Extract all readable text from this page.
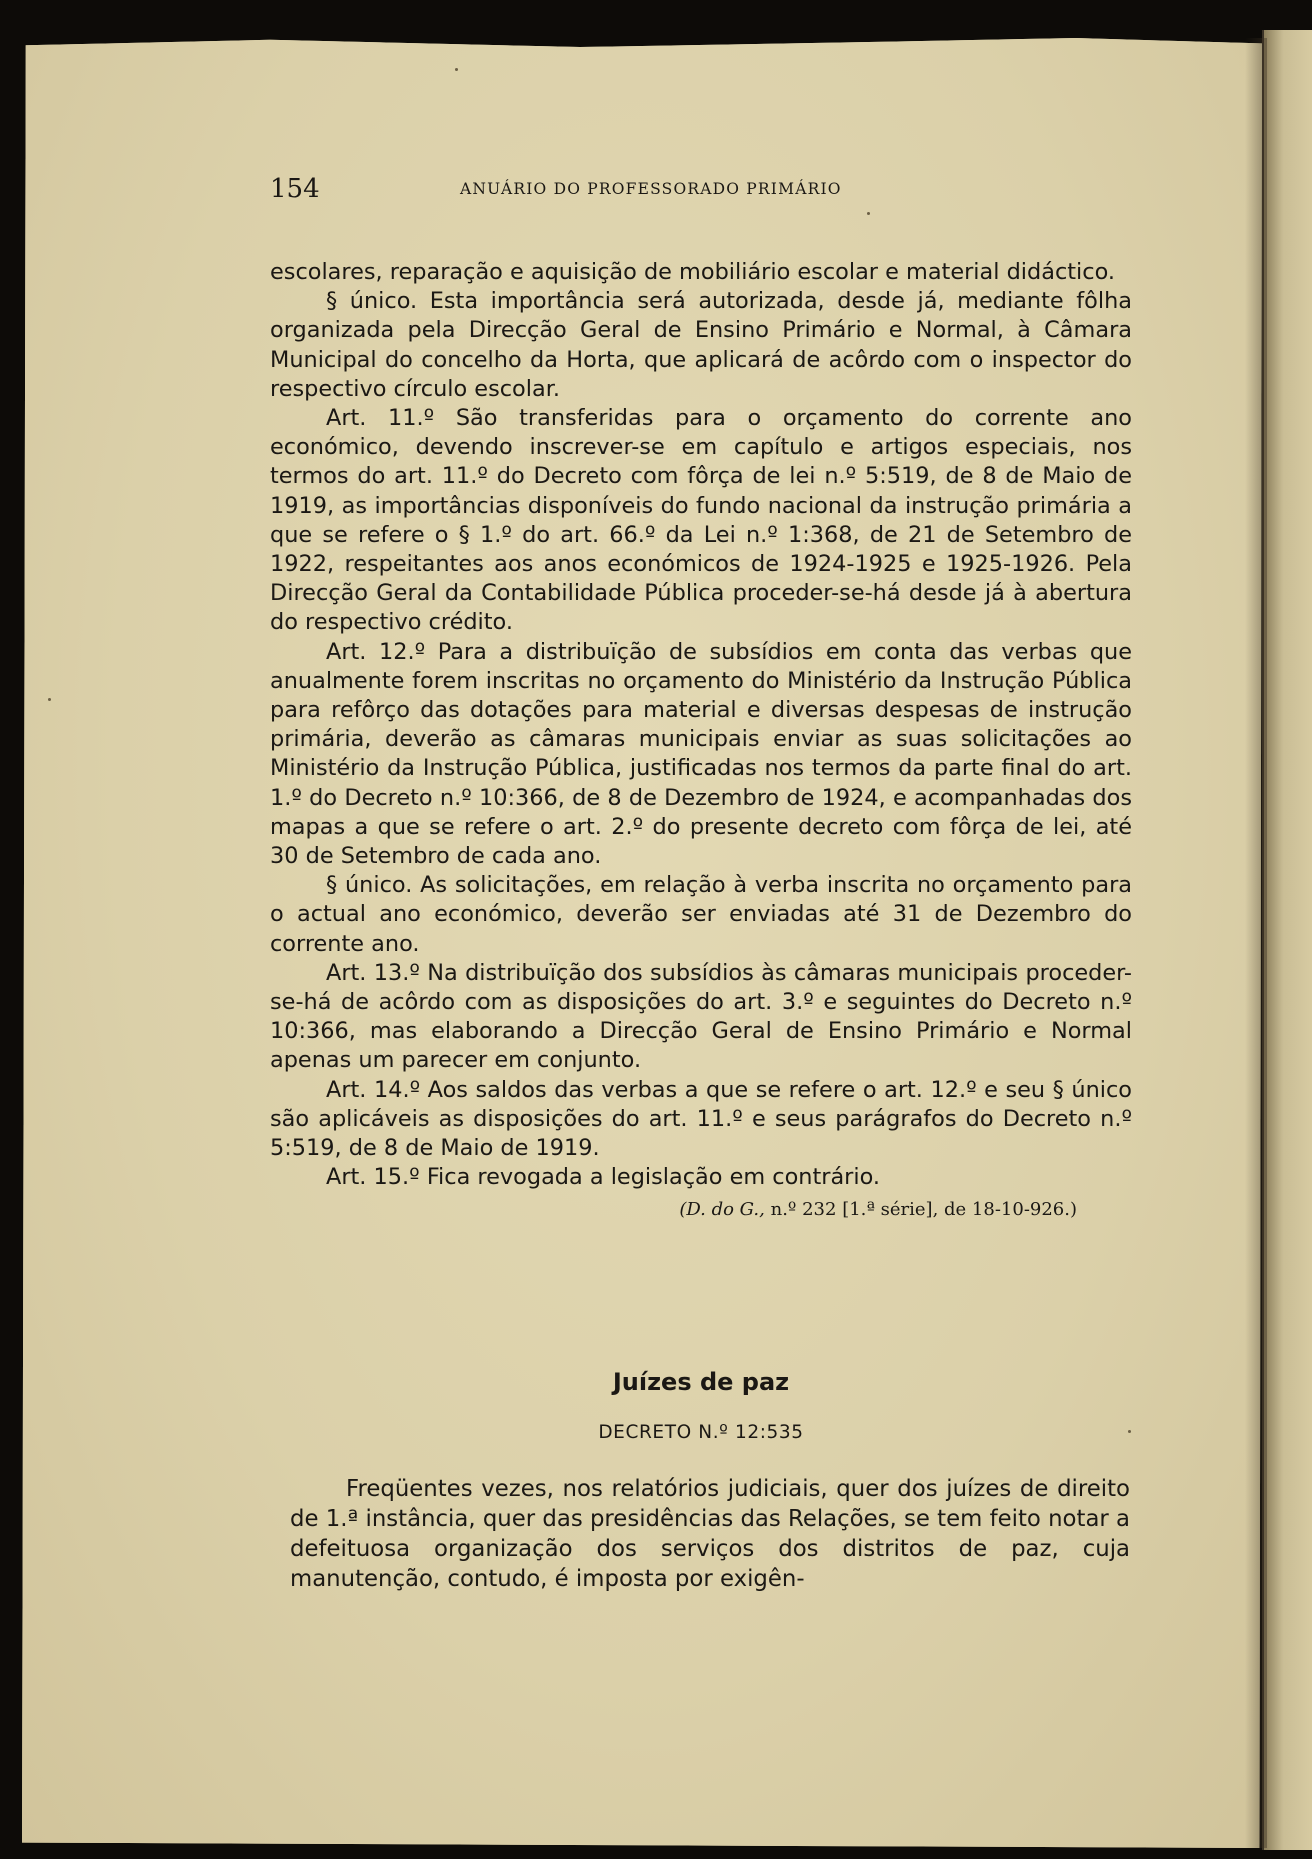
154	ANUÁRIO DO PROFESSORADO PRIMÁRIO

escolares, reparação e aquisição de mobiliário escolar e material didáctico.

§ único. Esta importância será autorizada, desde já, mediante fôlha organizada pela Direcção Geral de Ensino Primário e Normal, à Câmara Municipal do concelho da Horta, que aplicará de acôrdo com o inspector do respectivo círculo escolar.

Art. 11.º São transferidas para o orçamento do corrente ano económico, devendo inscrever-se em capítulo e artigos especiais, nos termos do art. 11.º do Decreto com fôrça de lei n.º 5:519, de 8 de Maio de 1919, as importâncias disponíveis do fundo nacional da instrução primária a que se refere o § 1.º do art. 66.º da Lei n.º 1:368, de 21 de Setembro de 1922, respeitantes aos anos económicos de 1924-1925 e 1925-1926. Pela Direcção Geral da Contabilidade Pública proceder-se-há desde já à abertura do respectivo crédito.

Art. 12.º Para a distribuïção de subsídios em conta das verbas que anualmente forem inscritas no orçamento do Ministério da Instrução Pública para refôrço das dotações para material e diversas despesas de instrução primária, deverão as câmaras municipais enviar as suas solicitações ao Ministério da Instrução Pública, justificadas nos termos da parte final do art. 1.º do Decreto n.º 10:366, de 8 de Dezembro de 1924, e acompanhadas dos mapas a que se refere o art. 2.º do presente decreto com fôrça de lei, até 30 de Setembro de cada ano.

§ único. As solicitações, em relação à verba inscrita no orçamento para o actual ano económico, deverão ser enviadas até 31 de Dezembro do corrente ano.

Art. 13.º Na distribuïção dos subsídios às câmaras municipais proceder-se-há de acôrdo com as disposições do art. 3.º e seguintes do Decreto n.º 10:366, mas elaborando a Direcção Geral de Ensino Primário e Normal apenas um parecer em conjunto.

Art. 14.º Aos saldos das verbas a que se refere o art. 12.º e seu § único são aplicáveis as disposições do art. 11.º e seus parágrafos do Decreto n.º 5:519, de 8 de Maio de 1919.

Art. 15.º Fica revogada a legislação em contrário.

(D. do G., n.º 232 [1.ª série], de 18-10-926.)
Juízes de paz
DECRETO N.º 12:535

Freqüentes vezes, nos relatórios judiciais, quer dos juízes de direito de 1.ª instância, quer das presidências das Relações, se tem feito notar a defeituosa organização dos serviços dos distritos de paz, cuja manutenção, contudo, é imposta por exigên-
